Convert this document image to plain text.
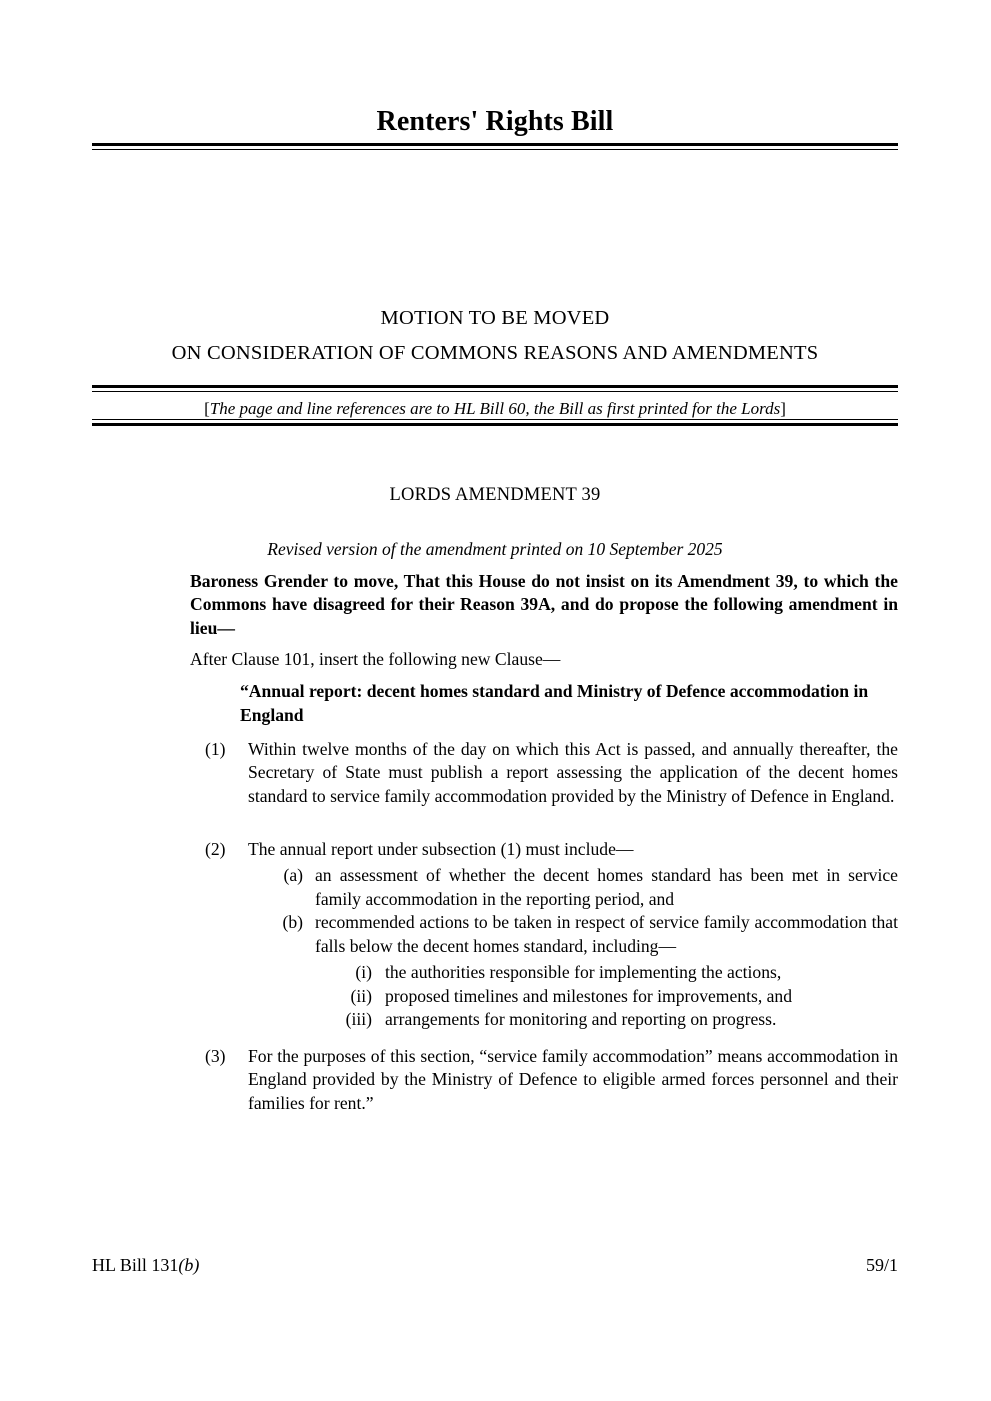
Renters' Rights Bill
MOTION TO BE MOVED
ON CONSIDERATION OF COMMONS REASONS AND AMENDMENTS
[The page and line references are to HL Bill 60, the Bill as first printed for the Lords]
LORDS AMENDMENT 39
Revised version of the amendment printed on 10 September 2025
Baroness Grender to move, That this House do not insist on its Amendment 39, to which the Commons have disagreed for their Reason 39A, and do propose the following amendment in lieu—
After Clause 101, insert the following new Clause—
“Annual report: decent homes standard and Ministry of Defence accommodation in England
(1)	Within twelve months of the day on which this Act is passed, and annually thereafter, the Secretary of State must publish a report assessing the application of the decent homes standard to service family accommodation provided by the Ministry of Defence in England.
(2)	The annual report under subsection (1) must include—
(a) an assessment of whether the decent homes standard has been met in service family accommodation in the reporting period, and
(b) recommended actions to be taken in respect of service family accommodation that falls below the decent homes standard, including—
(i) the authorities responsible for implementing the actions,
(ii) proposed timelines and milestones for improvements, and
(iii) arrangements for monitoring and reporting on progress.
(3)	For the purposes of this section, “service family accommodation” means accommodation in England provided by the Ministry of Defence to eligible armed forces personnel and their families for rent.”
HL Bill 131(b)	59/1
